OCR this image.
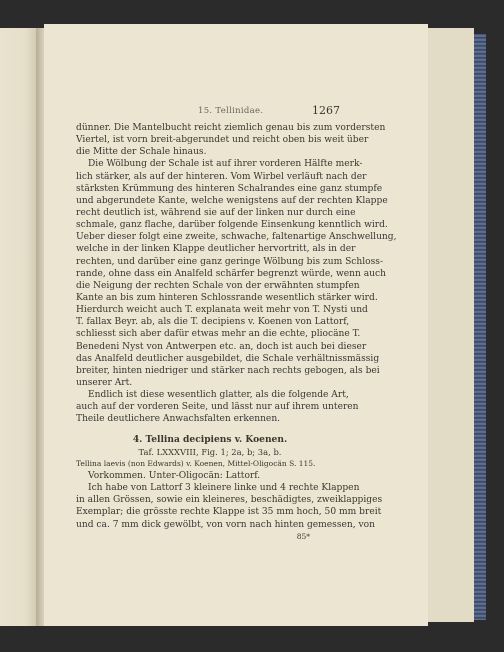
15. Tellinidae.	1267
dünner. Die Mantelbucht reicht ziemlich genau bis zum vordersten
Viertel, ist vorn breit-abgerundet und reicht oben bis weit über
die Mitte der Schale hinaus.
Die Wölbung der Schale ist auf ihrer vorderen Hälfte merk-
lich stärker, als auf der hinteren. Vom Wirbel verläuft nach der
stärksten Krümmung des hinteren Schalrandes eine ganz stumpfe
und abgerundete Kante, welche wenigstens auf der rechten Klappe
recht deutlich ist, während sie auf der linken nur durch eine
schmale, ganz flache, darüber folgende Einsenkung kenntlich wird.
Ueber dieser folgt eine zweite, schwache, faltenartige Anschwellung,
welche in der linken Klappe deutlicher hervortritt, als in der
rechten, und darüber eine ganz geringe Wölbung bis zum Schloss-
rande, ohne dass ein Analfeld schärfer begrenzt würde, wenn auch
die Neigung der rechten Schale von der erwähnten stumpfen
Kante an bis zum hinteren Schlossrande wesentlich stärker wird.
Hierdurch weicht auch T. explanata weit mehr von T. Nysti und
T. fallax Beyr. ab, als die T. decipiens v. Koenen von Lattorf,
schliesst sich aber dafür etwas mehr an die echte, pliocäne T.
Benedeni Nyst von Antwerpen etc. an, doch ist auch bei dieser
das Analfeld deutlicher ausgebildet, die Schale verhältnissmässig
breiter, hinten niedriger und stärker nach rechts gebogen, als bei
unserer Art.
Endlich ist diese wesentlich glatter, als die folgende Art,
auch auf der vorderen Seite, und lässt nur auf ihrem unteren
Theile deutlichere Anwachsfalten erkennen.
4. Tellina decipiens v. Koenen.
Taf. LXXXVIII, Fig. 1; 2a, b; 3a, b.
Tellina laevis (non Edwards) v. Koenen, Mittel-Oligocän S. 115.
Vorkommen. Unter-Oligocän: Lattorf.
Ich habe von Lattorf 3 kleinere linke und 4 rechte Klappen
in allen Grössen, sowie ein kleineres, beschädigtes, zweiklappiges
Exemplar; die grösste rechte Klappe ist 35 mm hoch, 50 mm breit
und ca. 7 mm dick gewölbt, von vorn nach hinten gemessen, von
85*
